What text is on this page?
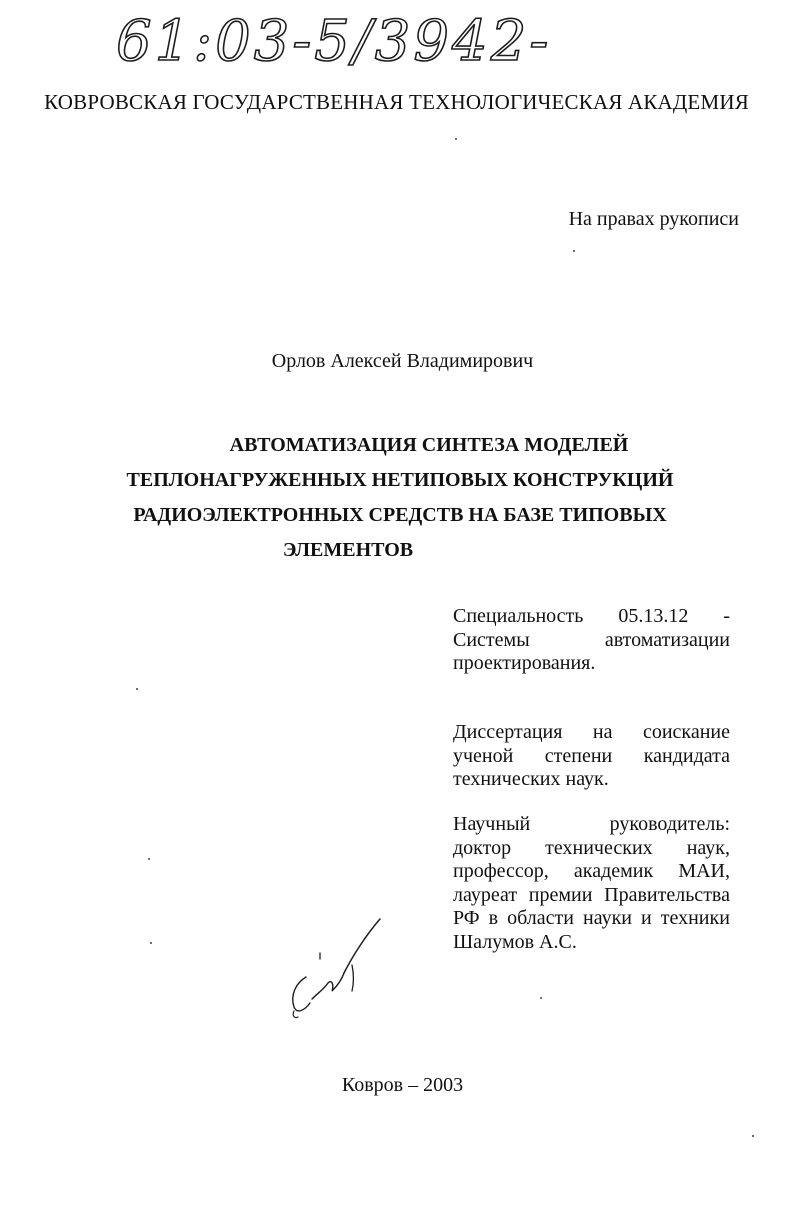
61:03-5/3942-6
КОВРОВСКАЯ ГОСУДАРСТВЕННАЯ ТЕХНОЛОГИЧЕСКАЯ АКАДЕМИЯ
На правах рукописи
Орлов Алексей Владимирович
АВТОМАТИЗАЦИЯ СИНТЕЗА МОДЕЛЕЙ
ТЕПЛОНАГРУЖЕННЫХ НЕТИПОВЫХ КОНСТРУКЦИЙ
РАДИОЭЛЕКТРОННЫХ СРЕДСТВ НА БАЗЕ ТИПОВЫХ
ЭЛЕМЕНТОВ
Специальность 05.13.12 -
Системы	автоматизации
проектирования.
Диссертация на соискание
ученой степени кандидата
технических наук.
Научный	руководитель:
доктор технических наук,
профессор, академик МАИ,
лауреат премии Правительства
РФ в области науки и техники
Шалумов А.С.
Ковров – 2003
